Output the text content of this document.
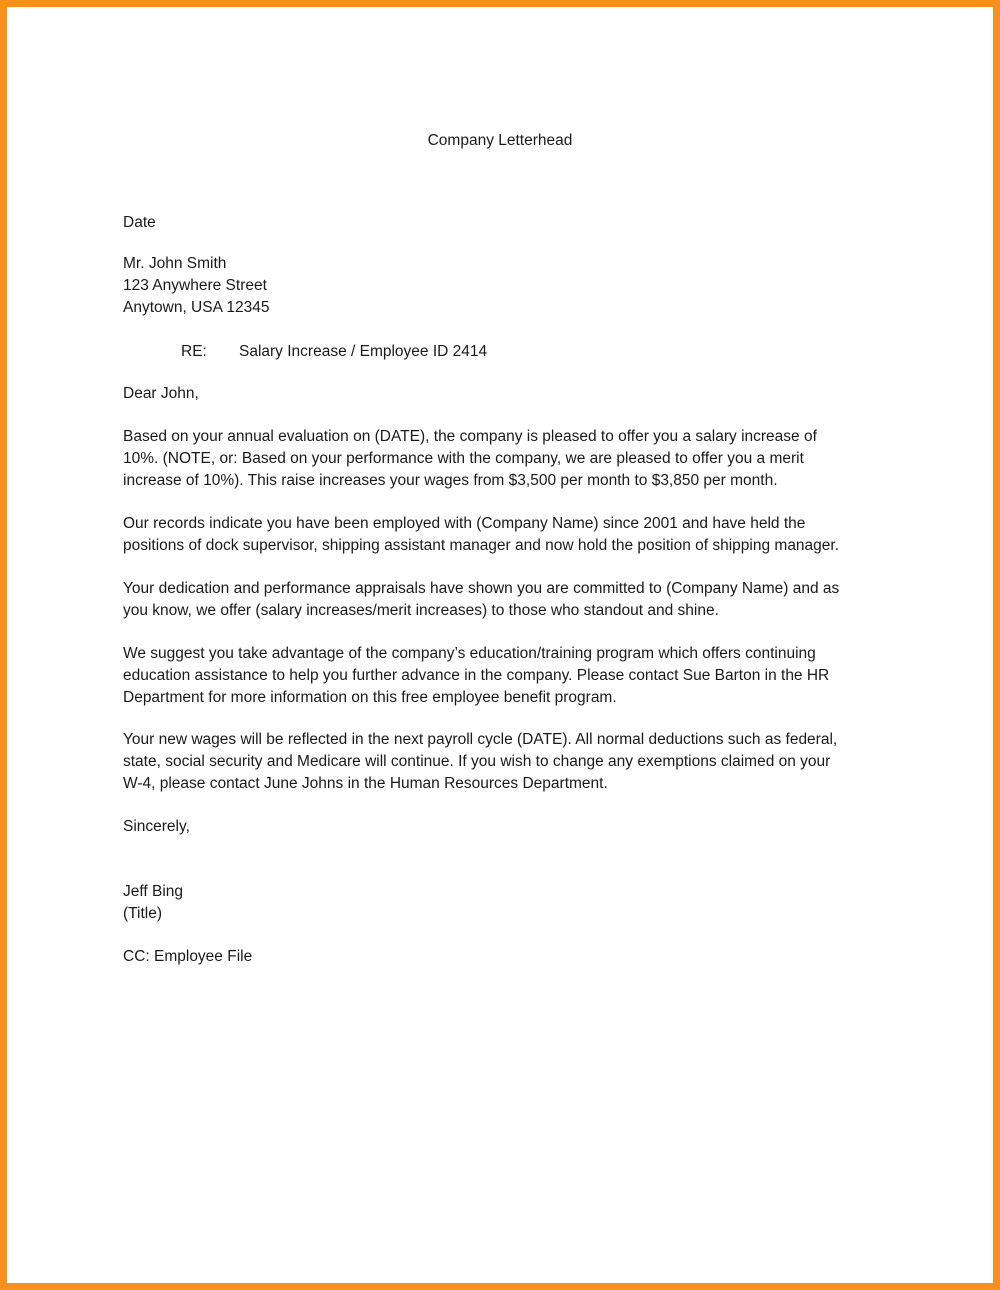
Company Letterhead
Date
Mr. John Smith
123 Anywhere Street
Anytown, USA 12345
RE: Salary Increase / Employee ID 2414
Dear John,
Based on your annual evaluation on (DATE), the company is pleased to offer you a salary increase of
10%. (NOTE, or: Based on your performance with the company, we are pleased to offer you a merit
increase of 10%). This raise increases your wages from $3,500 per month to $3,850 per month.
Our records indicate you have been employed with (Company Name) since 2001 and have held the
positions of dock supervisor, shipping assistant manager and now hold the position of shipping manager.
Your dedication and performance appraisals have shown you are committed to (Company Name) and as
you know, we offer (salary increases/merit increases) to those who standout and shine.
We suggest you take advantage of the company’s education/training program which offers continuing
education assistance to help you further advance in the company. Please contact Sue Barton in the HR
Department for more information on this free employee benefit program.
Your new wages will be reflected in the next payroll cycle (DATE). All normal deductions such as federal,
state, social security and Medicare will continue. If you wish to change any exemptions claimed on your
W-4, please contact June Johns in the Human Resources Department.
Sincerely,
Jeff Bing
(Title)
CC: Employee File
